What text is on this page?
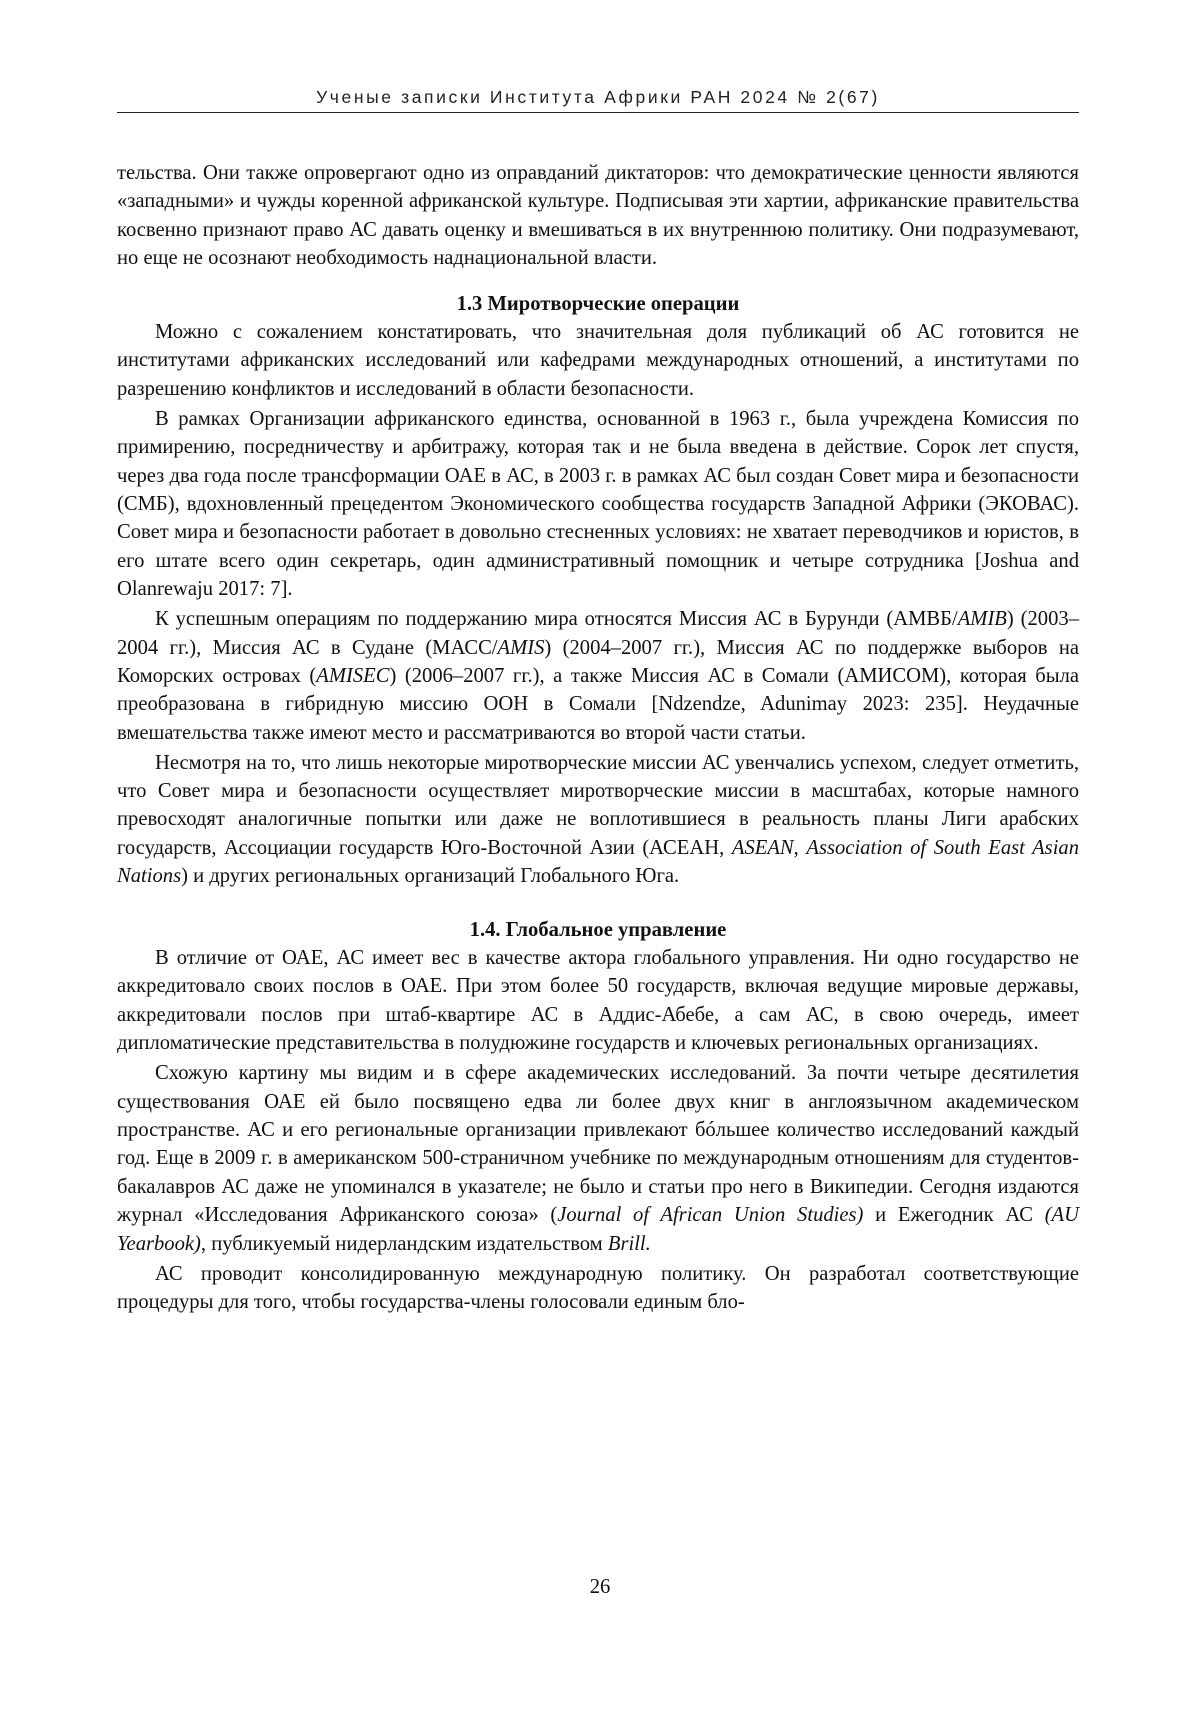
Ученые записки Института Африки РАН 2024 № 2(67)

тельства. Они также опровергают одно из оправданий диктаторов: что демократические ценности являются «западными» и чужды коренной африканской культуре. Подписывая эти хартии, африканские правительства косвенно признают право АС давать оценку и вмешиваться в их внутреннюю политику. Они подразумевают, но еще не осознают необходимость наднациональной власти.

1.3 Миротворческие операции

Можно с сожалением констатировать, что значительная доля публикаций об АС готовится не институтами африканских исследований или кафедрами международных отношений, а институтами по разрешению конфликтов и исследований в области безопасности.

В рамках Организации африканского единства, основанной в 1963 г., была учреждена Комиссия по примирению, посредничеству и арбитражу, которая так и не была введена в действие. Сорок лет спустя, через два года после трансформации ОАЕ в АС, в 2003 г. в рамках АС был создан Совет мира и безопасности (СМБ), вдохновленный прецедентом Экономического сообщества государств Западной Африки (ЭКОВАС). Совет мира и безопасности работает в довольно стесненных условиях: не хватает переводчиков и юристов, в его штате всего один секретарь, один административный помощник и четыре сотрудника [Joshua and Olanrewaju 2017: 7].

К успешным операциям по поддержанию мира относятся Миссия АС в Бурунди (АМВБ/AMIB) (2003–2004 гг.), Миссия АС в Судане (МАСС/AMIS) (2004–2007 гг.), Миссия АС по поддержке выборов на Коморских островах (AMISEC) (2006–2007 гг.), а также Миссия АС в Сомали (АМИСОМ), которая была преобразована в гибридную миссию ООН в Сомали [Ndzendze, Adunimay 2023: 235]. Неудачные вмешательства также имеют место и рассматриваются во второй части статьи.

Несмотря на то, что лишь некоторые миротворческие миссии АС увенчались успехом, следует отметить, что Совет мира и безопасности осуществляет миротворческие миссии в масштабах, которые намного превосходят аналогичные попытки или даже не воплотившиеся в реальность планы Лиги арабских государств, Ассоциации государств Юго-Восточной Азии (АСЕАН, ASEAN, Association of South East Asian Nations) и других региональных организаций Глобального Юга.

1.4. Глобальное управление

В отличие от ОАЕ, АС имеет вес в качестве актора глобального управления. Ни одно государство не аккредитовало своих послов в ОАЕ. При этом более 50 государств, включая ведущие мировые державы, аккредитовали послов при штаб-квартире АС в Аддис-Абебе, а сам АС, в свою очередь, имеет дипломатические представительства в полудюжине государств и ключевых региональных организациях.

Схожую картину мы видим и в сфере академических исследований. За почти четыре десятилетия существования ОАЕ ей было посвящено едва ли более двух книг в англоязычном академическом пространстве. АС и его региональные организации привлекают бóльшее количество исследований каждый год. Еще в 2009 г. в американском 500-страничном учебнике по международным отношениям для студентов-бакалавров АС даже не упоминался в указателе; не было и статьи про него в Википедии. Сегодня издаются журнал «Исследования Африканского союза» (Journal of African Union Studies) и Ежегодник АС (AU Yearbook), публикуемый нидерландским издательством Brill.

АС проводит консолидированную международную политику. Он разработал соответствующие процедуры для того, чтобы государства-члены голосовали единым бло-

26
